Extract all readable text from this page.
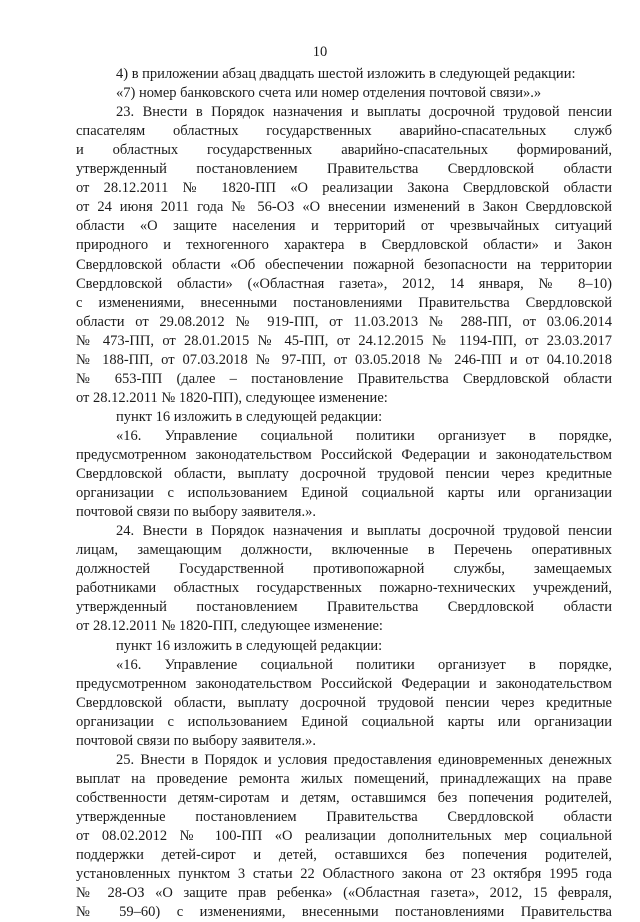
10
4) в приложении абзац двадцать шестой изложить в следующей редакции:
«7) номер банковского счета или номер отделения почтовой связи».»
23. Внести в Порядок назначения и выплаты досрочной трудовой пенсии
спасателям областных государственных аварийно-спасательных служб
и областных государственных аварийно-спасательных формирований,
утвержденный постановлением Правительства Свердловской области
от 28.12.2011 № 1820-ПП «О реализации Закона Свердловской области
от 24 июня 2011 года № 56-ОЗ «О внесении изменений в Закон Свердловской
области «О защите населения и территорий от чрезвычайных ситуаций
природного и техногенного характера в Свердловской области» и Закон
Свердловской области «Об обеспечении пожарной безопасности на территории
Свердловской области» («Областная газета», 2012, 14 января, № 8–10)
с изменениями, внесенными постановлениями Правительства Свердловской
области от 29.08.2012 № 919-ПП, от 11.03.2013 № 288-ПП, от 03.06.2014
№ 473-ПП, от 28.01.2015 № 45-ПП, от 24.12.2015 № 1194-ПП, от 23.03.2017
№ 188-ПП, от 07.03.2018 № 97-ПП, от 03.05.2018 № 246-ПП и от 04.10.2018
№ 653-ПП (далее – постановление Правительства Свердловской области
от 28.12.2011 № 1820-ПП), следующее изменение:
пункт 16 изложить в следующей редакции:
«16. Управление социальной политики организует в порядке,
предусмотренном законодательством Российской Федерации и законодательством
Свердловской области, выплату досрочной трудовой пенсии через кредитные
организации с использованием Единой социальной карты или организации
почтовой связи по выбору заявителя.».
24. Внести в Порядок назначения и выплаты досрочной трудовой пенсии
лицам, замещающим должности, включенные в Перечень оперативных
должностей Государственной противопожарной службы, замещаемых
работниками областных государственных пожарно-технических учреждений,
утвержденный постановлением Правительства Свердловской области
от 28.12.2011 № 1820-ПП, следующее изменение:
пункт 16 изложить в следующей редакции:
«16. Управление социальной политики организует в порядке,
предусмотренном законодательством Российской Федерации и законодательством
Свердловской области, выплату досрочной трудовой пенсии через кредитные
организации с использованием Единой социальной карты или организации
почтовой связи по выбору заявителя.».
25. Внести в Порядок и условия предоставления единовременных денежных
выплат на проведение ремонта жилых помещений, принадлежащих на праве
собственности детям-сиротам и детям, оставшимся без попечения родителей,
утвержденные постановлением Правительства Свердловской области
от 08.02.2012 № 100-ПП «О реализации дополнительных мер социальной
поддержки детей-сирот и детей, оставшихся без попечения родителей,
установленных пунктом 3 статьи 22 Областного закона от 23 октября 1995 года
№ 28-ОЗ «О защите прав ребенка» («Областная газета», 2012, 15 февраля,
№ 59–60) с изменениями, внесенными постановлениями Правительства
